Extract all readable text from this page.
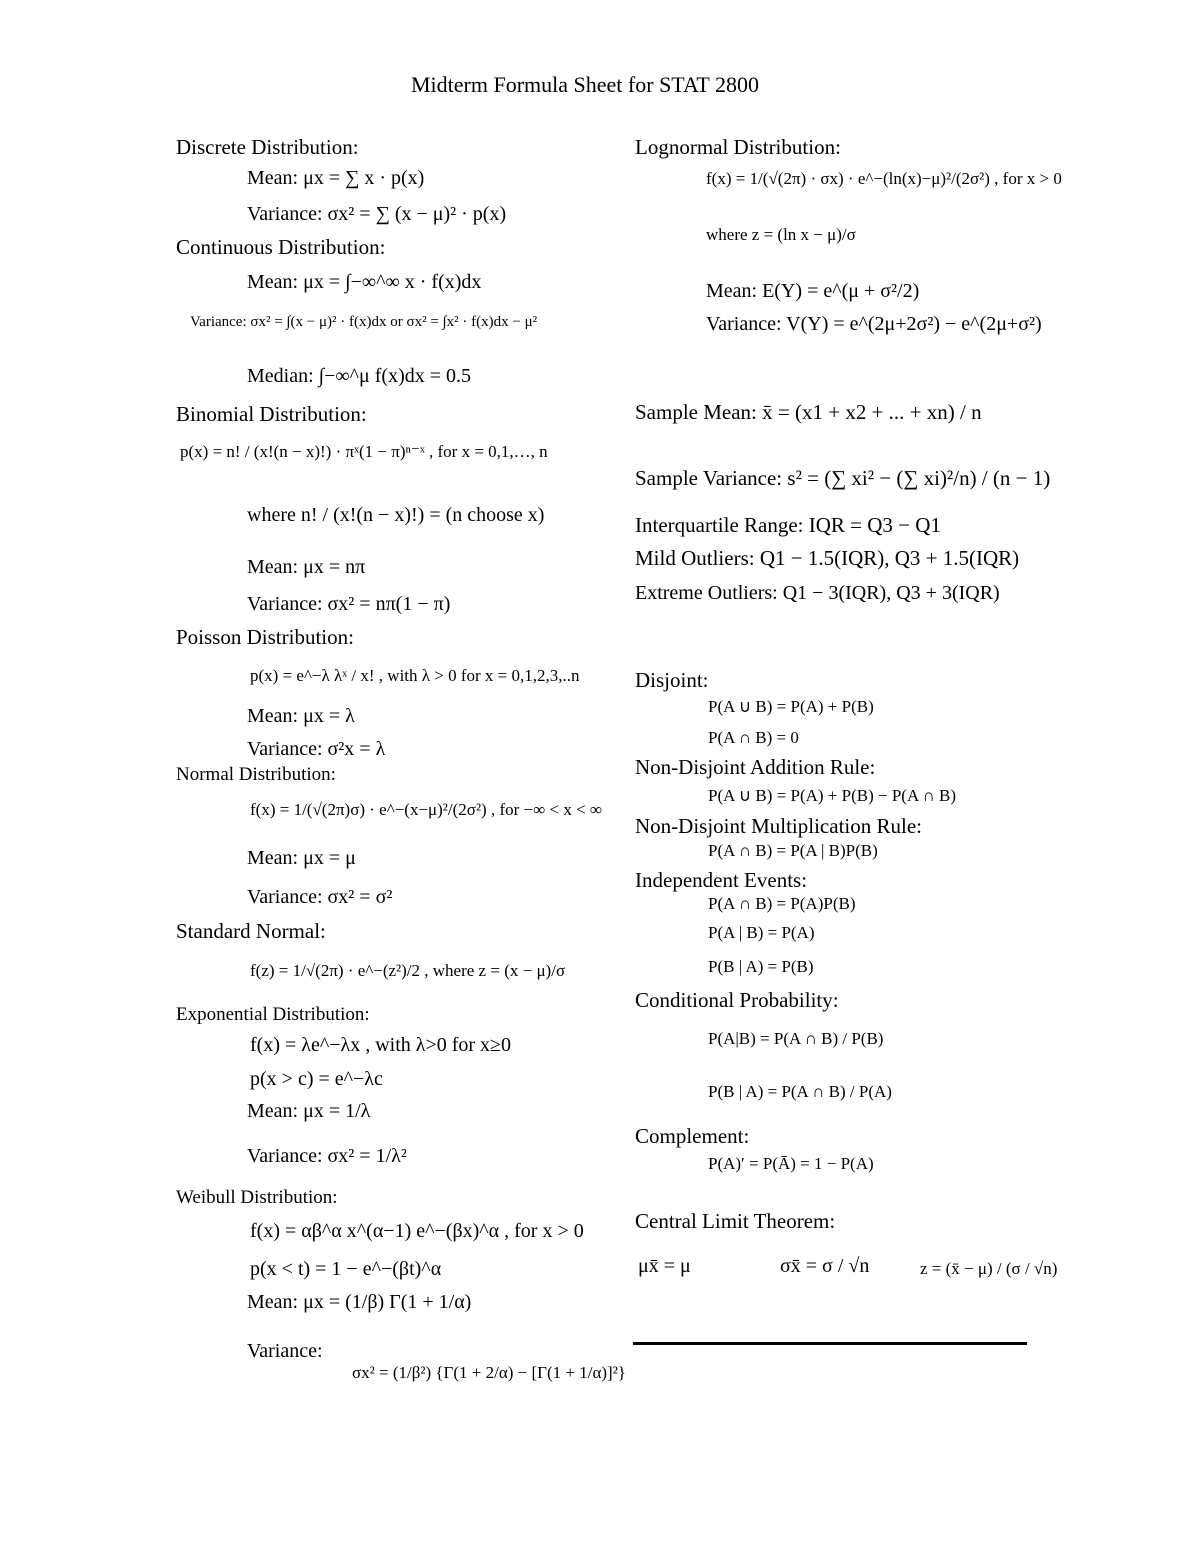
Midterm Formula Sheet for STAT 2800
Discrete Distribution:
Mean: μx = ∑ x · p(x)
Variance: σx² = ∑ (x − μ)² · p(x)
Continuous Distribution:
Mean: μx = ∫−∞^∞ x · f(x)dx
Variance: σx² = ∫(x − μ)² · f(x)dx or σx² = ∫x² · f(x)dx − μ²
Median: ∫−∞^μ f(x)dx = 0.5
Binomial Distribution:
p(x) = n! / (x!(n − x)!) · πˣ(1 − π)ⁿ⁻ˣ , for x = 0,1,…, n
where n! / (x!(n − x)!) = (n choose x)
Mean: μx = nπ
Variance: σx² = nπ(1 − π)
Poisson Distribution:
p(x) = e^−λ λˣ / x! , with λ > 0 for x = 0,1,2,3,..n
Mean: μx = λ
Variance: σ²x = λ
Normal Distribution:
f(x) = 1/(√(2π)σ) · e^−(x−μ)²/(2σ²) , for −∞ < x < ∞
Mean: μx = μ
Variance: σx² = σ²
Standard Normal:
f(z) = 1/√(2π) · e^−(z²)/2 , where z = (x − μ)/σ
Exponential Distribution:
f(x) = λe^−λx , with λ>0 for x≥0
p(x > c) = e^−λc
Mean: μx = 1/λ
Variance: σx² = 1/λ²
Weibull Distribution:
f(x) = αβ^α x^(α−1) e^−(βx)^α , for x > 0
p(x < t) = 1 − e^−(βt)^α
Mean: μx = (1/β) Γ(1 + 1/α)
Variance:
σx² = (1/β²) {Γ(1 + 2/α) − [Γ(1 + 1/α)]²}
Lognormal Distribution:
f(x) = 1/(√(2π) · σx) · e^−(ln(x)−μ)²/(2σ²) , for x > 0
where z = (ln x − μ)/σ
Mean: E(Y) = e^(μ + σ²/2)
Variance: V(Y) = e^(2μ+2σ²) − e^(2μ+σ²)
Sample Mean: x̄ = (x1 + x2 + ... + xn) / n
Sample Variance: s² = (∑ xi² − (∑ xi)²/n) / (n − 1)
Interquartile Range: IQR = Q3 − Q1
Mild Outliers: Q1 − 1.5(IQR), Q3 + 1.5(IQR)
Extreme Outliers: Q1 − 3(IQR), Q3 + 3(IQR)
Disjoint:
P(A ∪ B) = P(A) + P(B)
P(A ∩ B) = 0
Non-Disjoint Addition Rule:
P(A ∪ B) = P(A) + P(B) − P(A ∩ B)
Non-Disjoint Multiplication Rule:
P(A ∩ B) = P(A | B)P(B)
Independent Events:
P(A ∩ B) = P(A)P(B)
P(A | B) = P(A)
P(B | A) = P(B)
Conditional Probability:
P(A|B) = P(A ∩ B) / P(B)
P(B | A) = P(A ∩ B) / P(A)
Complement:
P(A)′ = P(Ā) = 1 − P(A)
Central Limit Theorem:
μx̄ = μ	σx̄ = σ / √n	z = (x̄ − μ) / (σ / √n)
